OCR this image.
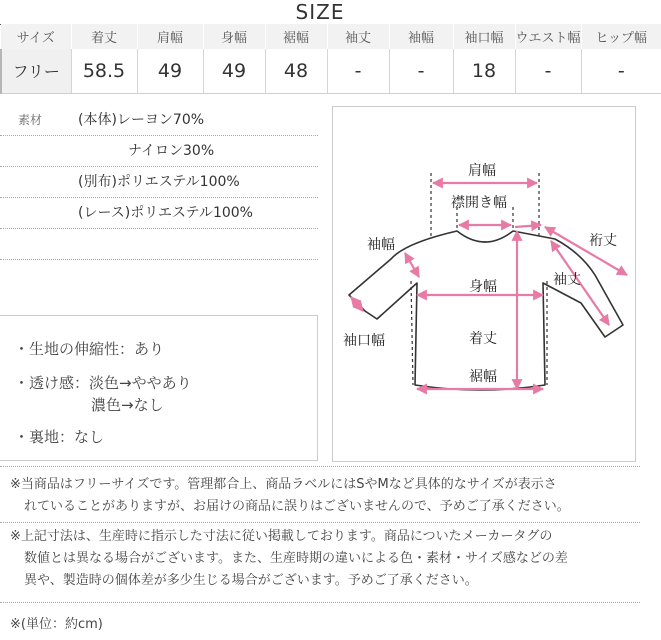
SIZE
サイズ	着丈	肩幅	身幅	裾幅	袖丈	袖幅	袖口幅	ウエスト幅	ヒップ幅
フリー	58.5	49	49	48	-	-	18	-	-
素材	(本体)レーヨン70%
ナイロン30%
(別布)ポリエステル100%
(レース)ポリエステル100%
・生地の伸縮性：あり
・透け感：淡色→ややあり
濃色→なし
・裏地：なし
肩幅
襟開き幅
裄丈
袖幅
袖丈
身幅
袖口幅	着丈
裾幅
※当商品はフリーサイズです。管理都合上、商品ラベルにはSやMなど具体的なサイズが表示さ
れていることがありますが、お届けの商品に誤りはございませんので、予めご了承ください。
※上記寸法は、生産時に指示した寸法に従い掲載しております。商品についたメーカータグの
数値とは異なる場合がございます。また、生産時期の違いによる色・素材・サイズ感などの差
異や、製造時の個体差が多少生じる場合がございます。予めご了承ください。
※(単位：約cm)
